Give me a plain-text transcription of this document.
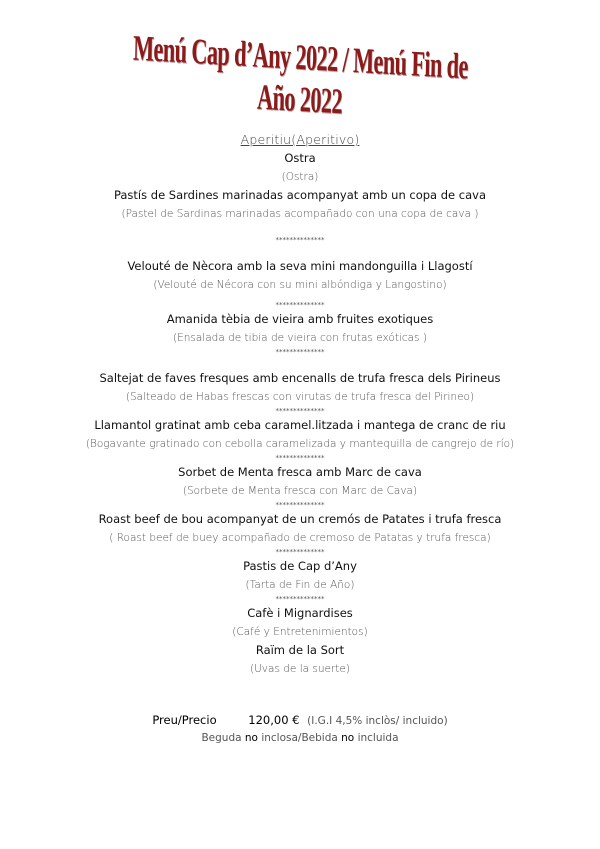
Menú Cap d’Any 2022 / Menú Fin de Año 2022
Aperitiu(Aperitivo)
Ostra
(Ostra)
Pastís de Sardines marinadas acompanyat amb un copa de cava
(Pastel de Sardinas marinadas acompañado con una copa de cava )
**************
Velouté de Nècora amb la seva mini mandonguilla i Llagostí
(Velouté de Nécora con su mini albóndiga y Langostino)
**************
Amanida tèbia de vieira amb fruites exotiques
(Ensalada de tibia de vieira con frutas exóticas )
**************
Saltejat de faves fresques amb encenalls de trufa fresca dels Pirineus
(Salteado de Habas frescas con virutas de trufa fresca del Pirineo)
**************
Llamantol gratinat amb ceba caramel.litzada i mantega de cranc de riu
(Bogavante gratinado con cebolla caramelizada y mantequilla de cangrejo de río)
**************
Sorbet de Menta fresca amb Marc de cava
(Sorbete de Menta fresca con Marc de Cava)
**************
Roast beef de bou acompanyat de un cremós de Patates i trufa fresca
( Roast beef de buey acompañado de cremoso de Patatas y trufa fresca)
**************
Pastis de Cap d’Any
(Tarta de Fin de Año)
**************
Cafè i Mignardises
(Café y Entretenimientos)
Raïm de la Sort
(Uvas de la suerte)
Preu/Precio	120,00 € (I.G.I 4,5% inclòs/ incluido)
Beguda no inclosa/Bebida no incluida
